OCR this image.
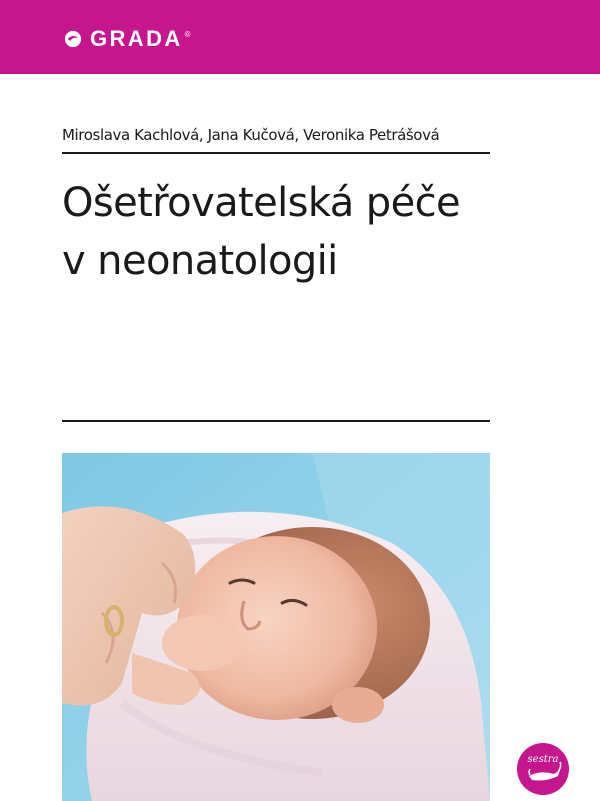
GRADA ®
Miroslava Kachlová, Jana Kučová, Veronika Petrášová
Ošetřovatelská péče
v neonatologii
sestra
